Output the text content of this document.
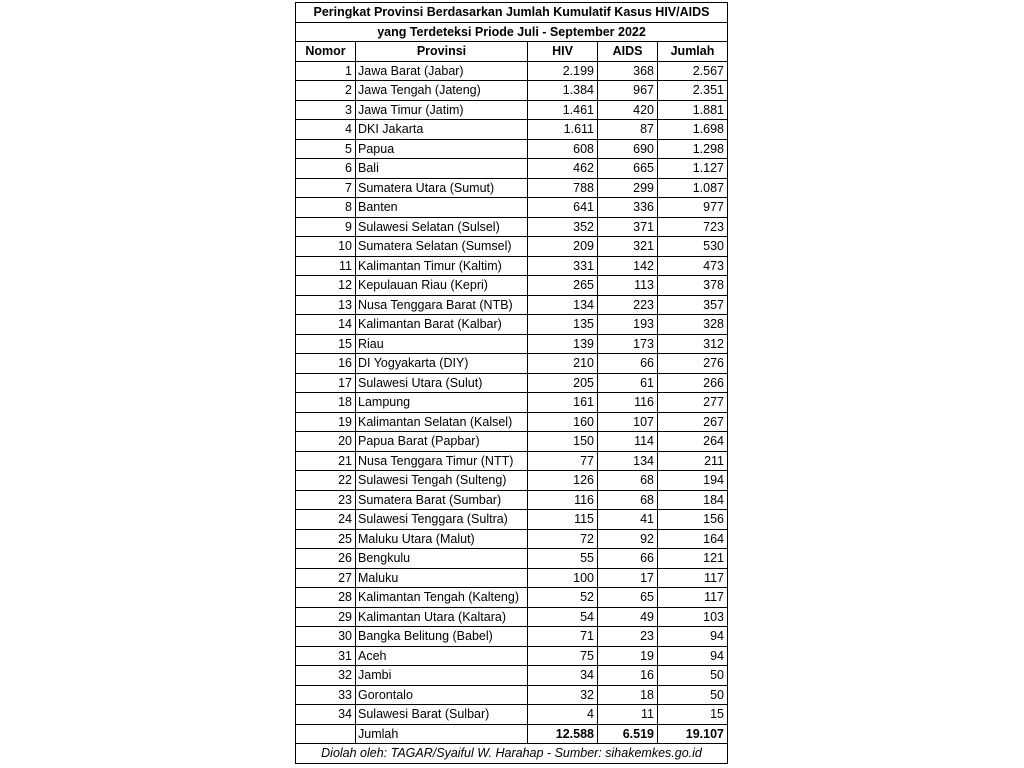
Peringkat Provinsi Berdasarkan Jumlah Kumulatif Kasus HIV/AIDS				
yang Terdeteksi Priode Juli - September 2022				
Nomor	Provinsi	HIV	AIDS	Jumlah
1	Jawa Barat (Jabar)	2.199	368	2.567
2	Jawa Tengah (Jateng)	1.384	967	2.351
3	Jawa Timur (Jatim)	1.461	420	1.881
4	DKI Jakarta	1.611	87	1.698
5	Papua	608	690	1.298
6	Bali	462	665	1.127
7	Sumatera Utara (Sumut)	788	299	1.087
8	Banten	641	336	977
9	Sulawesi Selatan (Sulsel)	352	371	723
10	Sumatera Selatan (Sumsel)	209	321	530
11	Kalimantan Timur (Kaltim)	331	142	473
12	Kepulauan Riau (Kepri)	265	113	378
13	Nusa Tenggara Barat (NTB)	134	223	357
14	Kalimantan Barat (Kalbar)	135	193	328
15	Riau	139	173	312
16	DI Yogyakarta (DIY)	210	66	276
17	Sulawesi Utara (Sulut)	205	61	266
18	Lampung	161	116	277
19	Kalimantan Selatan (Kalsel)	160	107	267
20	Papua Barat (Papbar)	150	114	264
21	Nusa Tenggara Timur (NTT)	77	134	211
22	Sulawesi Tengah (Sulteng)	126	68	194
23	Sumatera Barat (Sumbar)	116	68	184
24	Sulawesi Tenggara (Sultra)	115	41	156
25	Maluku Utara (Malut)	72	92	164
26	Bengkulu	55	66	121
27	Maluku	100	17	117
28	Kalimantan Tengah (Kalteng)	52	65	117
29	Kalimantan Utara (Kaltara)	54	49	103
30	Bangka Belitung (Babel)	71	23	94
31	Aceh	75	19	94
32	Jambi	34	16	50
33	Gorontalo	32	18	50
34	Sulawesi Barat (Sulbar)	4	11	15
	Jumlah	12.588	6.519	19.107
Diolah oleh: TAGAR/Syaiful W. Harahap - Sumber: sihakemkes.go.id				
